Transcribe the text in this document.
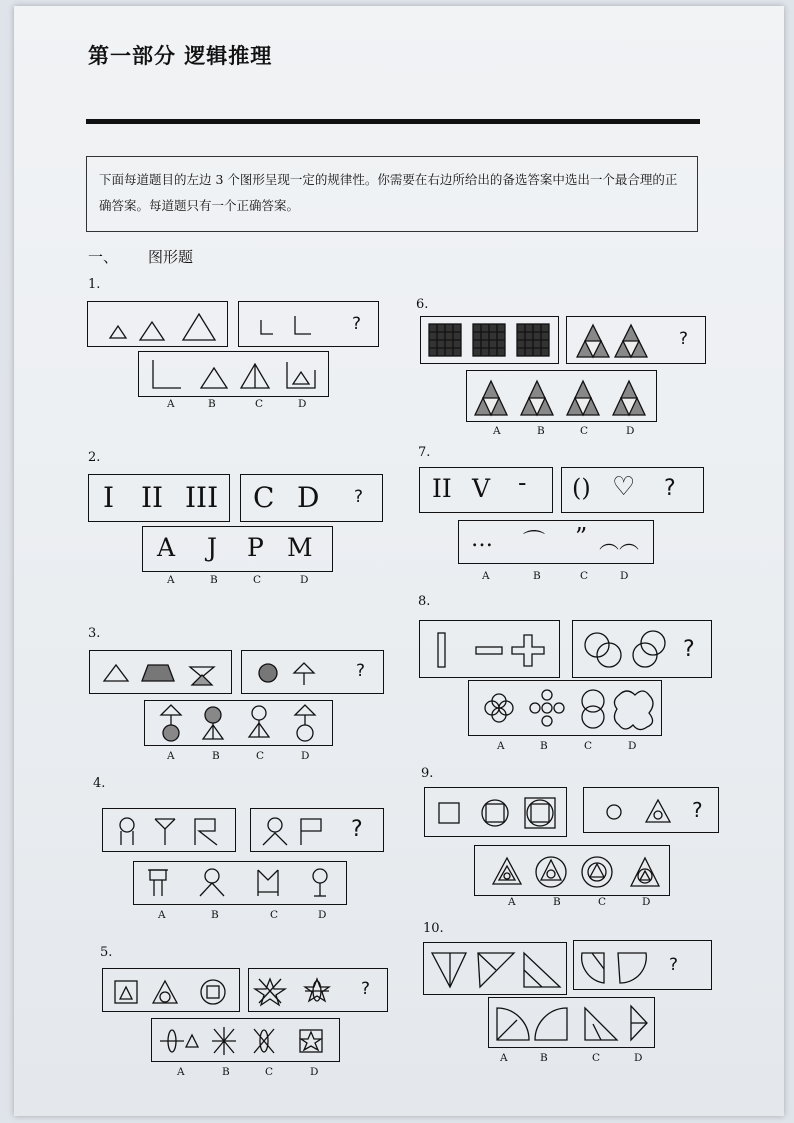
第一部分 逻辑推理
下面每道题目的左边 3 个图形呈现一定的规律性。你需要在右边所给出的备选答案中选出一个最合理的正确答案。每道题只有一个正确答案。
一、 图形题
1.
?
A	B	C	D
2.
I II III C D ?
A J P M
A	B	C	D
3.
?
A	B	C	D
4.
?
A	B	C	D
5.
?
A	B	C	D
6.
?
A	B	C	D
7.
II V - () ♡ ?
… ⌒ ” ︵︵
A	B	C	D
8.
?
A	B	C	D
9.
?
A	B	C	D
10.
?
A	B	C	D
